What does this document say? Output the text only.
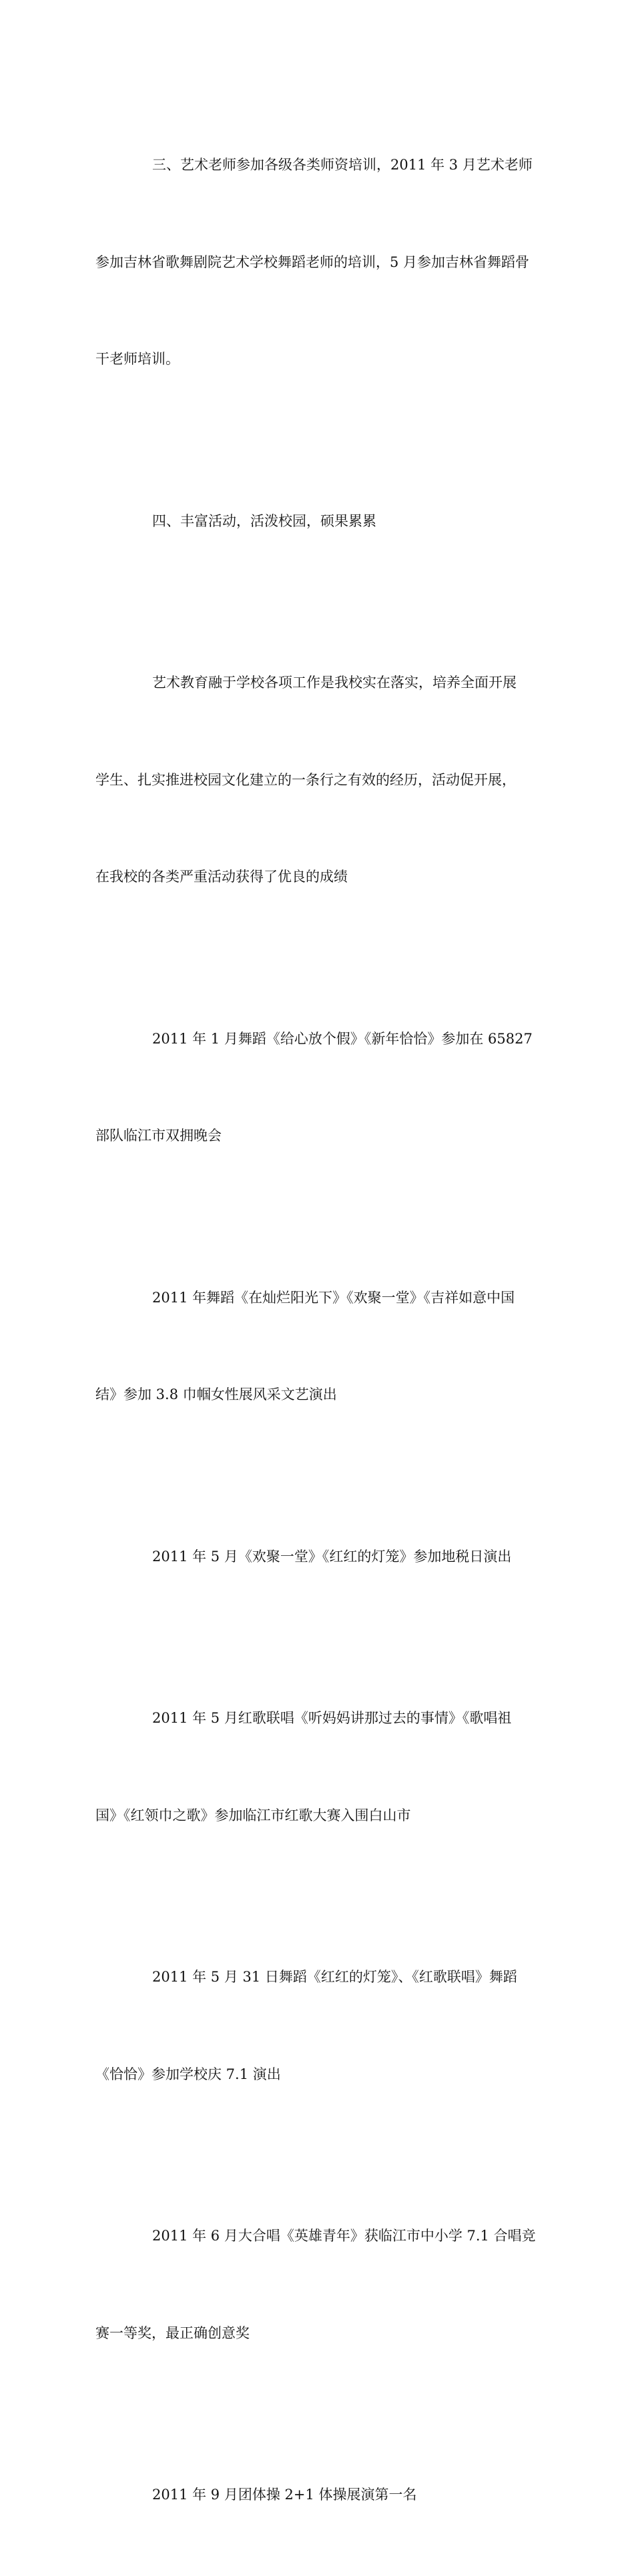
三、艺术老师参加各级各类师资培训，2011 年 3 月艺术老师

参加吉林省歌舞剧院艺术学校舞蹈老师的培训，5 月参加吉林省舞蹈骨

干老师培训。

四、丰富活动，活泼校园，硕果累累

艺术教育融于学校各项工作是我校实在落实，培养全面开展

学生、扎实推进校园文化建立的一条行之有效的经历，活动促开展，

在我校的各类严重活动获得了优良的成绩

2011 年 1 月舞蹈《给心放个假》《新年恰恰》参加在 65827

部队临江市双拥晚会

2011 年舞蹈《在灿烂阳光下》《欢聚一堂》《吉祥如意中国

结》参加 3.8 巾帼女性展风采文艺演出

2011 年 5 月《欢聚一堂》《红红的灯笼》参加地税日演出

2011 年 5 月红歌联唱《听妈妈讲那过去的事情》《歌唱祖

国》《红领巾之歌》参加临江市红歌大赛入围白山市

2011 年 5 月 31 日舞蹈《红红的灯笼》、《红歌联唱》舞蹈

《恰恰》参加学校庆 7.1 演出

2011 年 6 月大合唱《英雄青年》获临江市中小学 7.1 合唱竞

赛一等奖，最正确创意奖

2011 年 9 月团体操 2+1 体操展演第一名
